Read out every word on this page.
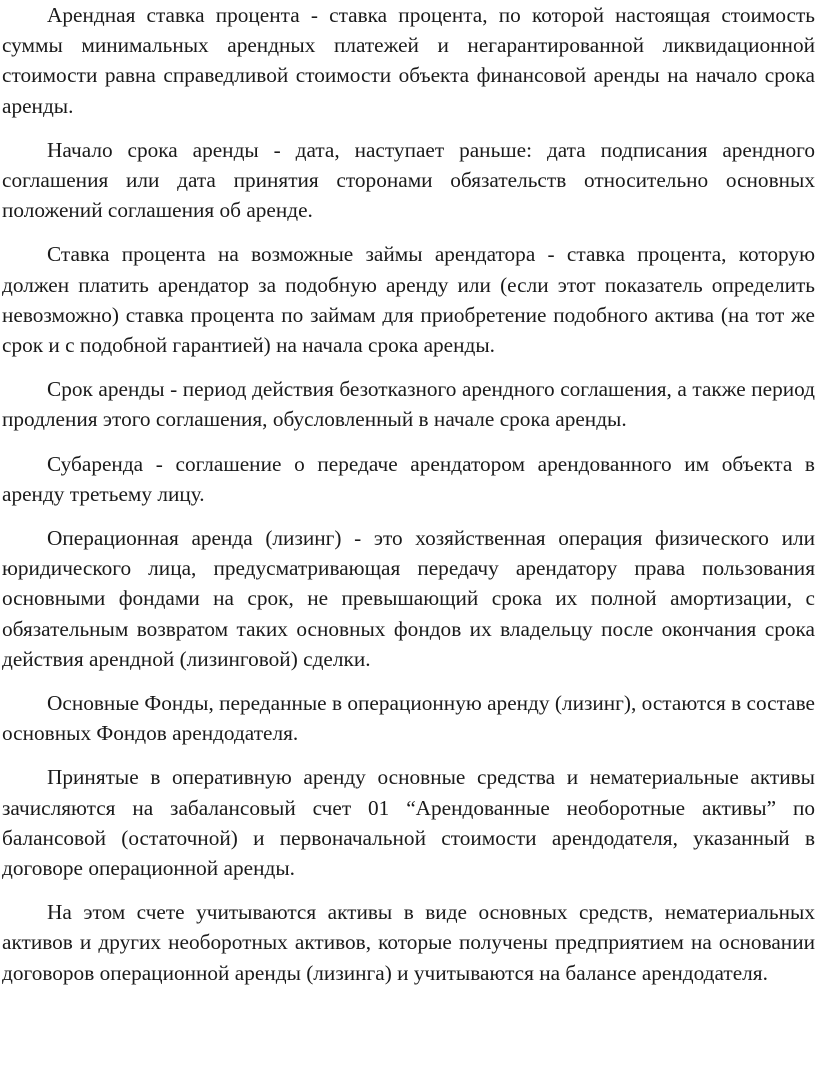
Арендная ставка процента - ставка процента, по которой настоящая стоимость суммы минимальных арендных платежей и негарантированной ликвидационной стоимости равна справедливой стоимости объекта финансовой аренды на начало срока аренды.

Начало срока аренды - дата, наступает раньше: дата подписания арендного соглашения или дата принятия сторонами обязательств относительно основных положений соглашения об аренде.

Ставка процента на возможные займы арендатора - ставка процента, которую должен платить арендатор за подобную аренду или (если этот показатель определить невозможно) ставка процента по займам для приобретение подобного актива (на тот же срок и с подобной гарантией) на начала срока аренды.

Срок аренды - период действия безотказного арендного соглашения, а также период продления этого соглашения, обусловленный в начале срока аренды.

Субаренда - соглашение о передаче арендатором арендованного им объекта в аренду третьему лицу.

Операционная аренда (лизинг) - это хозяйственная операция физического или юридического лица, предусматривающая передачу арендатору права пользования основными фондами на срок, не превышающий срока их полной амортизации, с обязательным возвратом таких основных фондов их владельцу после окончания срока действия арендной (лизинговой) сделки.

Основные Фонды, переданные в операционную аренду (лизинг), остаются в составе основных Фондов арендодателя.

Принятые в оперативную аренду основные средства и нематериальные активы зачисляются на забалансовый счет 01 “Арендованные необоротные активы” по балансовой (остаточной) и первоначальной стоимости арендодателя, указанный в договоре операционной аренды.

На этом счете учитываются активы в виде основных средств, нематериальных активов и других необоротных активов, которые получены предприятием на основании договоров операционной аренды (лизинга) и учитываются на балансе арендодателя.
